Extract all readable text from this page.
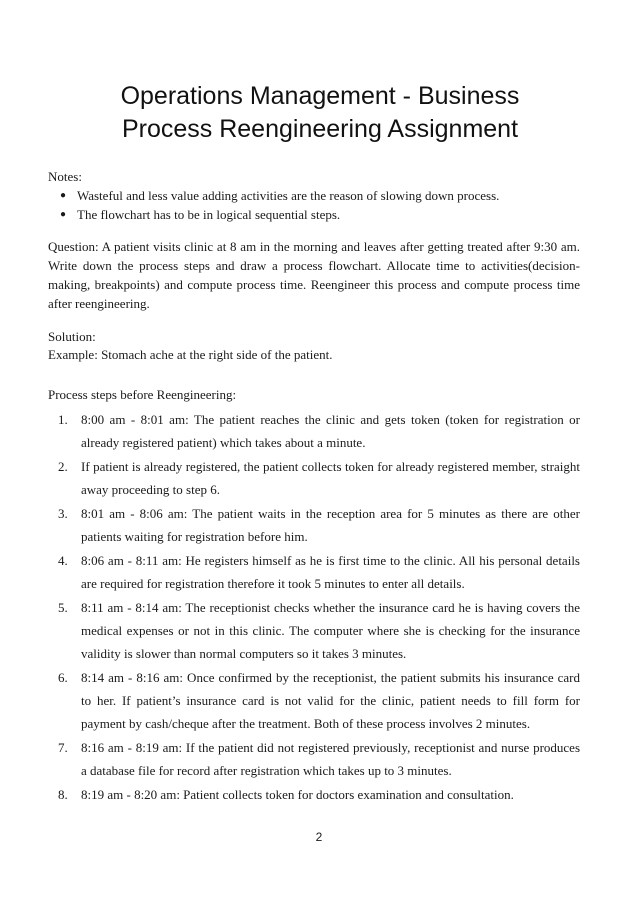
Operations Management - Business
Process Reengineering Assignment
Notes:
● Wasteful and less value adding activities are the reason of slowing down process.
● The flowchart has to be in logical sequential steps.
Question: A patient visits clinic at 8 am in the morning and leaves after getting treated after 9:30 am. Write down the process steps and draw a process flowchart. Allocate time to activities(decision-making, breakpoints) and compute process time. Reengineer this process and compute process time after reengineering.
Solution:
Example: Stomach ache at the right side of the patient.
Process steps before Reengineering:
1. 8:00 am - 8:01 am: The patient reaches the clinic and gets token (token for registration or already registered patient) which takes about a minute.
2. If patient is already registered, the patient collects token for already registered member, straight away proceeding to step 6.
3. 8:01 am - 8:06 am: The patient waits in the reception area for 5 minutes as there are other patients waiting for registration before him.
4. 8:06 am - 8:11 am: He registers himself as he is first time to the clinic. All his personal details are required for registration therefore it took 5 minutes to enter all details.
5. 8:11 am - 8:14 am: The receptionist checks whether the insurance card he is having covers the medical expenses or not in this clinic. The computer where she is checking for the insurance validity is slower than normal computers so it takes 3 minutes.
6. 8:14 am - 8:16 am: Once confirmed by the receptionist, the patient submits his insurance card to her. If patient’s insurance card is not valid for the clinic, patient needs to fill form for payment by cash/cheque after the treatment. Both of these process involves 2 minutes.
7. 8:16 am - 8:19 am: If the patient did not registered previously, receptionist and nurse produces a database file for record after registration which takes up to 3 minutes.
8. 8:19 am - 8:20 am: Patient collects token for doctors examination and consultation.
2
